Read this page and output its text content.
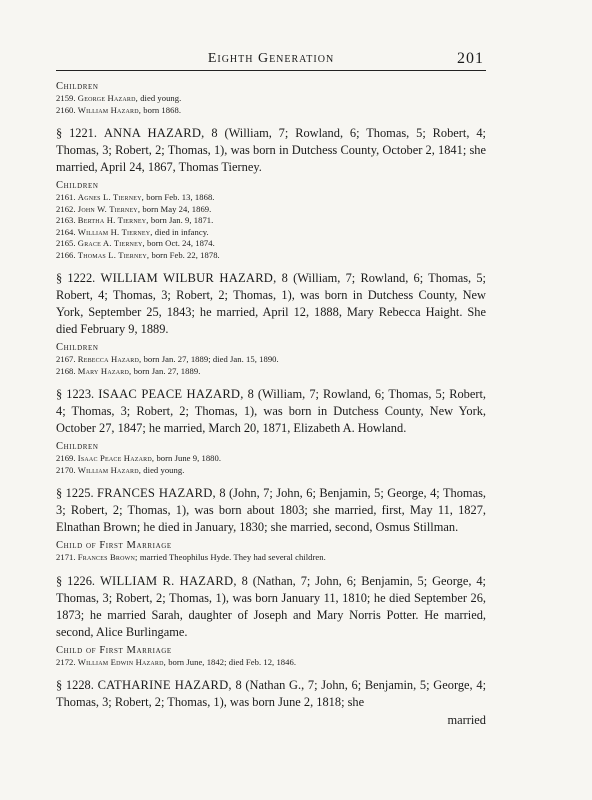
Eighth Generation	201
Children
2159. George Hazard, died young.
2160. William Hazard, born 1868.
§ 1221. ANNA HAZARD, 8 (William, 7; Rowland, 6; Thomas, 5; Robert, 4; Thomas, 3; Robert, 2; Thomas, 1), was born in Dutchess County, October 2, 1841; she married, April 24, 1867, Thomas Tierney.
Children
2161. Agnes L. Tierney, born Feb. 13, 1868.
2162. John W. Tierney, born May 24, 1869.
2163. Bertha H. Tierney, born Jan. 9, 1871.
2164. William H. Tierney, died in infancy.
2165. Grace A. Tierney, born Oct. 24, 1874.
2166. Thomas L. Tierney, born Feb. 22, 1878.
§ 1222. WILLIAM WILBUR HAZARD, 8 (William, 7; Rowland, 6; Thomas, 5; Robert, 4; Thomas, 3; Robert, 2; Thomas, 1), was born in Dutchess County, New York, September 25, 1843; he married, April 12, 1888, Mary Rebecca Haight. She died February 9, 1889.
Children
2167. Rebecca Hazard, born Jan. 27, 1889; died Jan. 15, 1890.
2168. Mary Hazard, born Jan. 27, 1889.
§ 1223. ISAAC PEACE HAZARD, 8 (William, 7; Rowland, 6; Thomas, 5; Robert, 4; Thomas, 3; Robert, 2; Thomas, 1), was born in Dutchess County, New York, October 27, 1847; he married, March 20, 1871, Elizabeth A. Howland.
Children
2169. Isaac Peace Hazard, born June 9, 1880.
2170. William Hazard, died young.
§ 1225. FRANCES HAZARD, 8 (John, 7; John, 6; Benjamin, 5; George, 4; Thomas, 3; Robert, 2; Thomas, 1), was born about 1803; she married, first, May 11, 1827, Elnathan Brown; he died in January, 1830; she married, second, Osmus Stillman.
Child of First Marriage
2171. Frances Brown; married Theophilus Hyde. They had several children.
§ 1226. WILLIAM R. HAZARD, 8 (Nathan, 7; John, 6; Benjamin, 5; George, 4; Thomas, 3; Robert, 2; Thomas, 1), was born January 11, 1810; he died September 26, 1873; he married Sarah, daughter of Joseph and Mary Norris Potter. He married, second, Alice Burlingame.
Child of First Marriage
2172. William Edwin Hazard, born June, 1842; died Feb. 12, 1846.
§ 1228. CATHARINE HAZARD, 8 (Nathan G., 7; John, 6; Benjamin, 5; George, 4; Thomas, 3; Robert, 2; Thomas, 1), was born June 2, 1818; she
married
